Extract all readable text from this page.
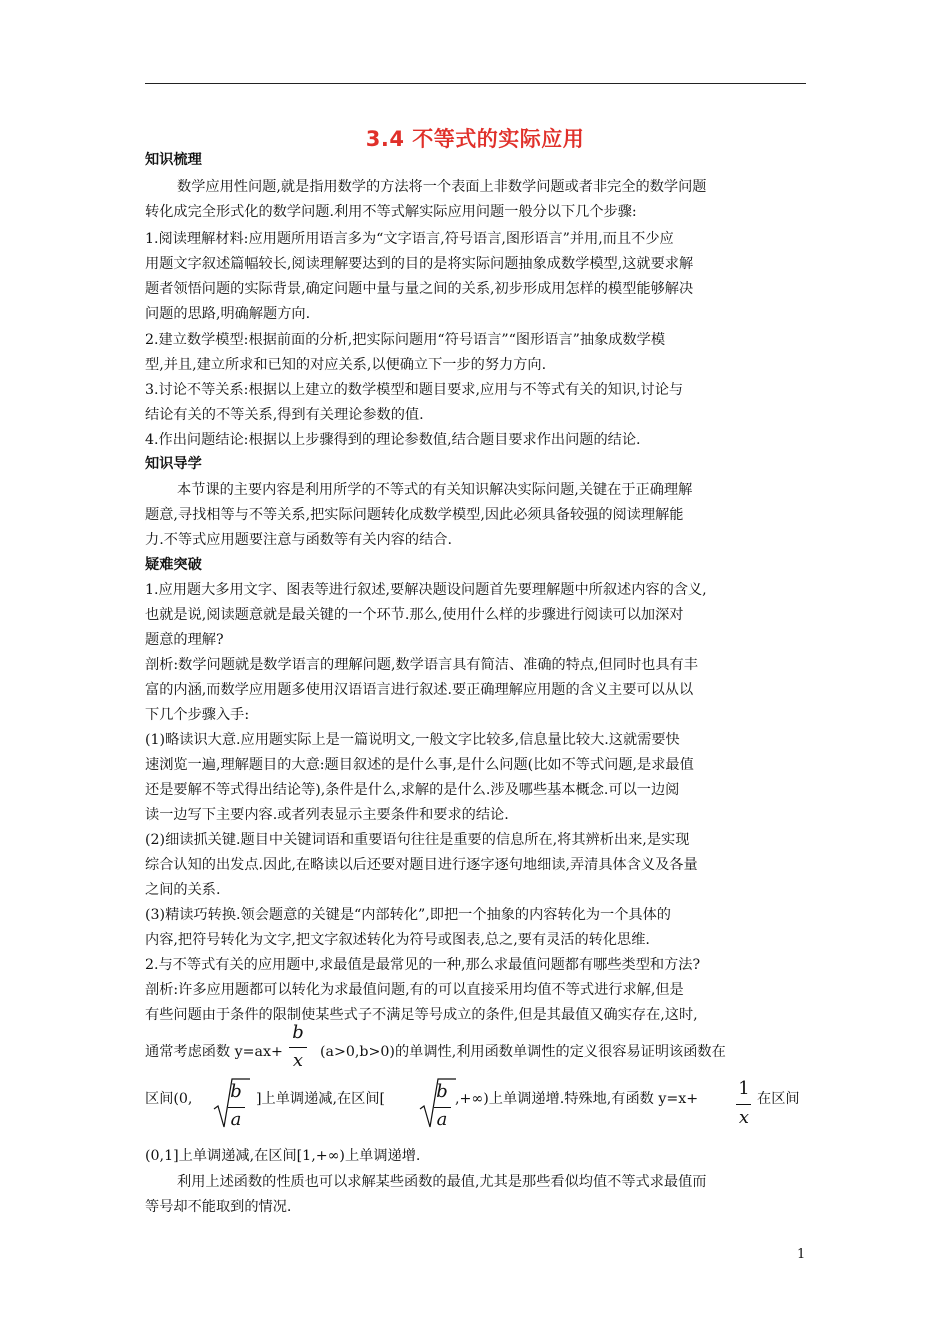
3.4 不等式的实际应用
知识梳理
数学应用性问题,就是指用数学的方法将一个表面上非数学问题或者非完全的数学问题
转化成完全形式化的数学问题.利用不等式解实际应用问题一般分以下几个步骤:
1.阅读理解材料:应用题所用语言多为“文字语言,符号语言,图形语言”并用,而且不少应
用题文字叙述篇幅较长,阅读理解要达到的目的是将实际问题抽象成数学模型,这就要求解
题者领悟问题的实际背景,确定问题中量与量之间的关系,初步形成用怎样的模型能够解决
问题的思路,明确解题方向.
2.建立数学模型:根据前面的分析,把实际问题用“符号语言”“图形语言”抽象成数学模
型,并且,建立所求和已知的对应关系,以便确立下一步的努力方向.
3.讨论不等关系:根据以上建立的数学模型和题目要求,应用与不等式有关的知识,讨论与
结论有关的不等关系,得到有关理论参数的值.
4.作出问题结论:根据以上步骤得到的理论参数值,结合题目要求作出问题的结论.
知识导学
本节课的主要内容是利用所学的不等式的有关知识解决实际问题,关键在于正确理解
题意,寻找相等与不等关系,把实际问题转化成数学模型,因此必须具备较强的阅读理解能
力.不等式应用题要注意与函数等有关内容的结合.
疑难突破
1.应用题大多用文字、图表等进行叙述,要解决题设问题首先要理解题中所叙述内容的含义,
也就是说,阅读题意就是最关键的一个环节.那么,使用什么样的步骤进行阅读可以加深对
题意的理解?
剖析:数学问题就是数学语言的理解问题,数学语言具有简洁、准确的特点,但同时也具有丰
富的内涵,而数学应用题多使用汉语语言进行叙述.要正确理解应用题的含义主要可以从以
下几个步骤入手:
(1)略读识大意.应用题实际上是一篇说明文,一般文字比较多,信息量比较大.这就需要快
速浏览一遍,理解题目的大意:题目叙述的是什么事,是什么问题(比如不等式问题,是求最值
还是要解不等式得出结论等),条件是什么,求解的是什么.涉及哪些基本概念.可以一边阅
读一边写下主要内容.或者列表显示主要条件和要求的结论.
(2)细读抓关键.题目中关键词语和重要语句往往是重要的信息所在,将其辨析出来,是实现
综合认知的出发点.因此,在略读以后还要对题目进行逐字逐句地细读,弄清具体含义及各量
之间的关系.
(3)精读巧转换.领会题意的关键是“内部转化”,即把一个抽象的内容转化为一个具体的
内容,把符号转化为文字,把文字叙述转化为符号或图表,总之,要有灵活的转化思维.
2.与不等式有关的应用题中,求最值是最常见的一种,那么求最值问题都有哪些类型和方法?
剖析:许多应用题都可以转化为求最值问题,有的可以直接采用均值不等式进行求解,但是
有些问题由于条件的限制使某些式子不满足等号成立的条件,但是其最值又确实存在,这时,
通常考虑函数 y=ax+
b
x	(a>0,b>0)的单调性,利用函数单调性的定义很容易证明该函数在
区间(0, b
a
]上单调递减,在区间[	b
a
,+∞)上单调递增.特殊地,有函数 y=x+ 1
x
在区间
(0,1]上单调递减,在区间[1,+∞)上单调递增.
利用上述函数的性质也可以求解某些函数的最值,尤其是那些看似均值不等式求最值而
等号却不能取到的情况.
1
